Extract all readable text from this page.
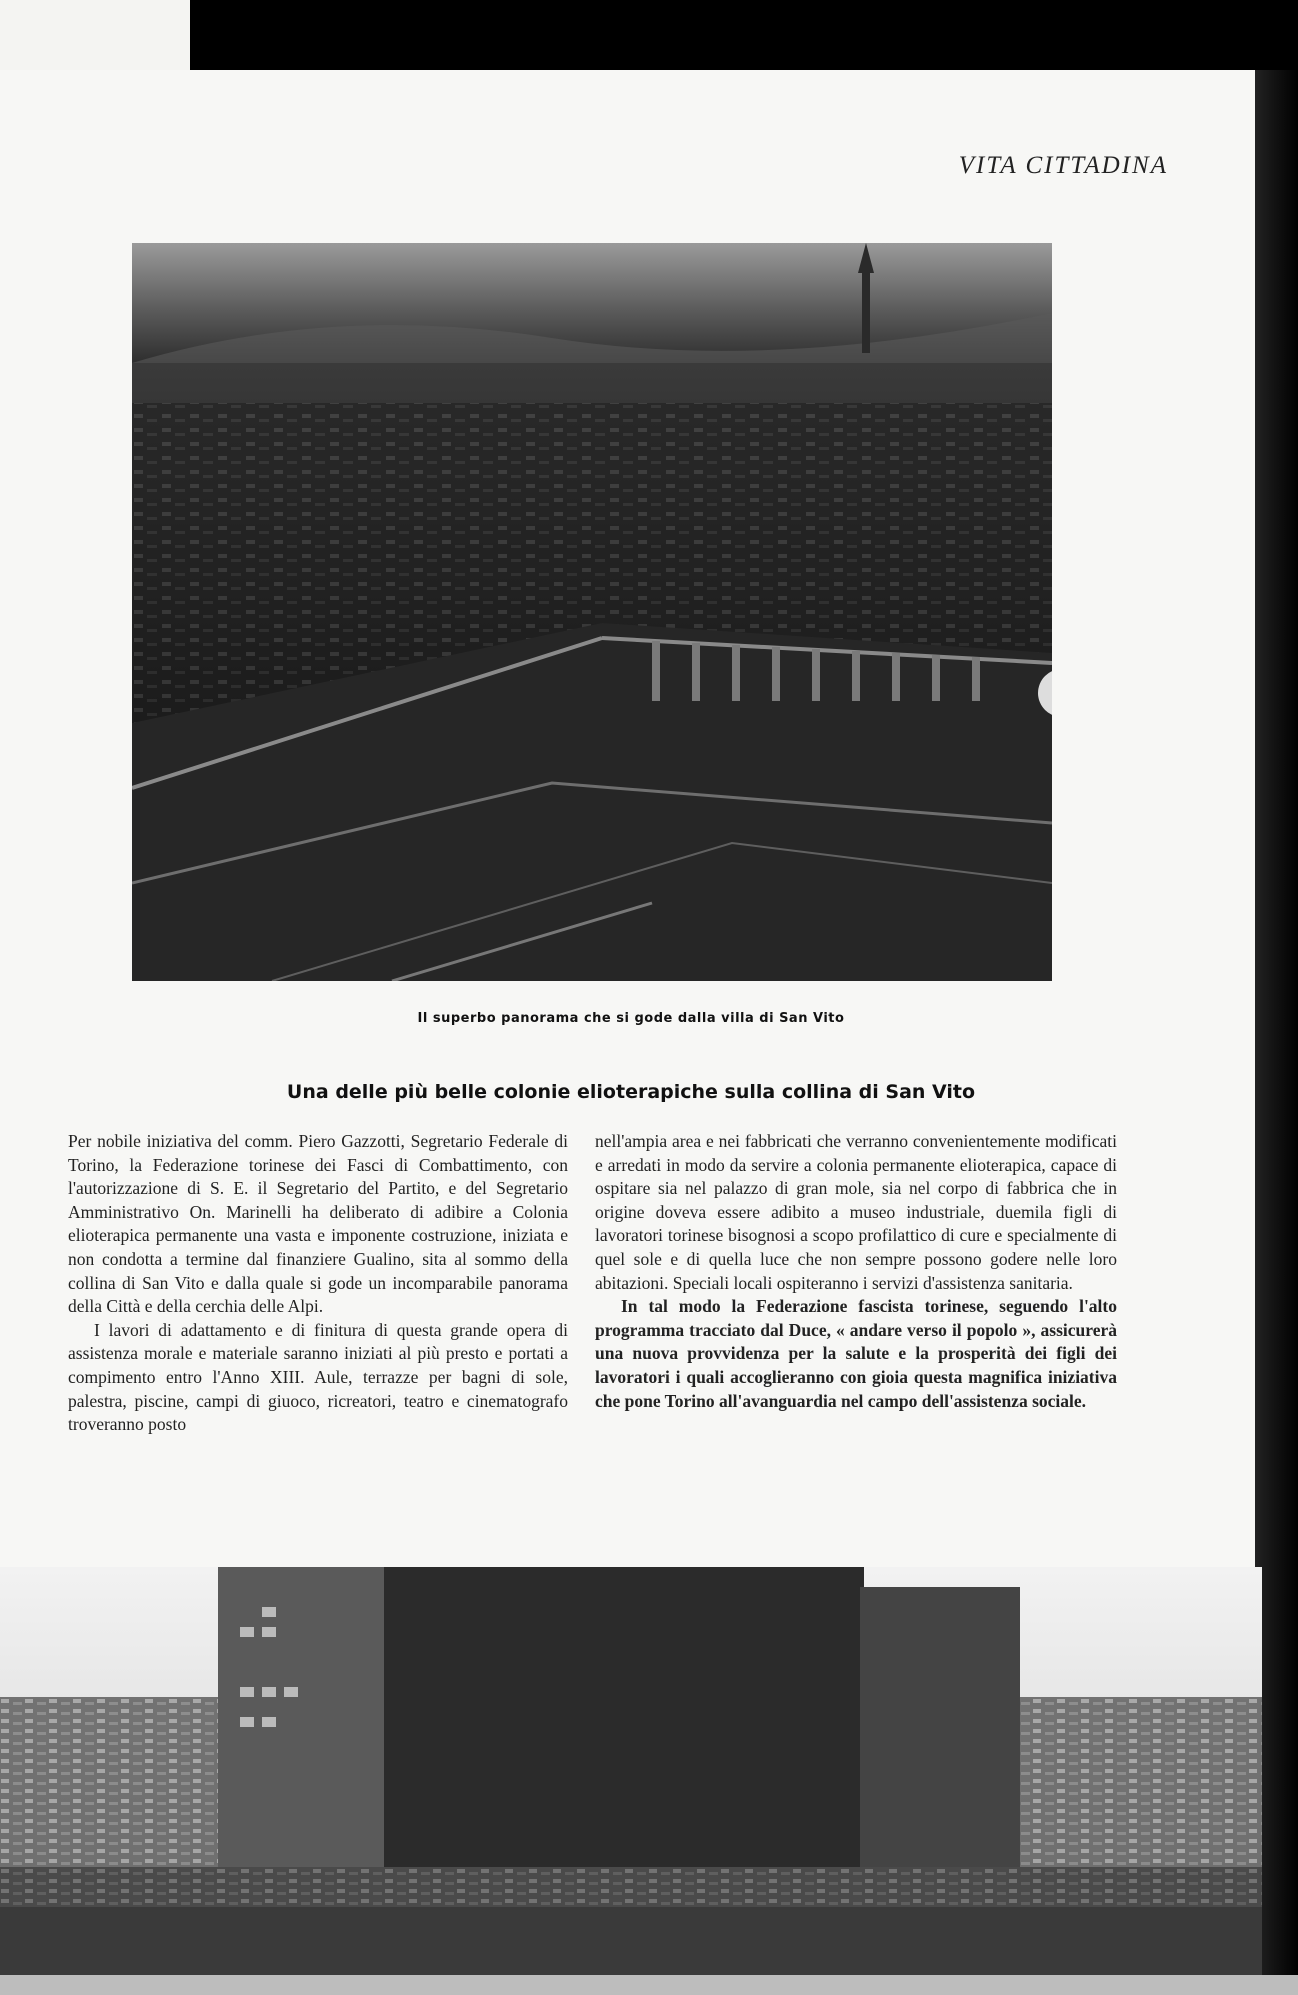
VITA CITTADINA
Il superbo panorama che si gode dalla villa di San Vito
Una delle più belle colonie elioterapiche sulla collina di San Vito

Per nobile iniziativa del comm. Piero Gazzotti, Segretario Federale di Torino, la Federazione torinese dei Fasci di Combattimento, con l'autorizzazione di S. E. il Segretario del Partito, e del Segretario Amministrativo On. Marinelli ha deliberato di adibire a Colonia elioterapica permanente una vasta e imponente costruzione, iniziata e non condotta a termine dal finanziere Gualino, sita al sommo della collina di San Vito e dalla quale si gode un incomparabile panorama della Città e della cerchia delle Alpi.

I lavori di adattamento e di finitura di questa grande opera di assistenza morale e materiale saranno iniziati al più presto e portati a compimento entro l'Anno XIII. Aule, terrazze per bagni di sole, palestra, piscine, campi di giuoco, ricreatori, teatro e cinematografo troveranno posto

nell'ampia area e nei fabbricati che verranno convenientemente modificati e arredati in modo da servire a colonia permanente elioterapica, capace di ospitare sia nel palazzo di gran mole, sia nel corpo di fabbrica che in origine doveva essere adibito a museo industriale, duemila figli di lavoratori torinese bisognosi a scopo profilattico di cure e specialmente di quel sole e di quella luce che non sempre possono godere nelle loro abitazioni. Speciali locali ospiteranno i servizi d'assistenza sanitaria.

In tal modo la Federazione fascista torinese, seguendo l'alto programma tracciato dal Duce, « andare verso il popolo », assicurerà una nuova provvidenza per la salute e la prosperità dei figli dei lavoratori i quali accoglieranno con gioia questa magnifica iniziativa che pone Torino all'avanguardia nel campo dell'assistenza sociale.
